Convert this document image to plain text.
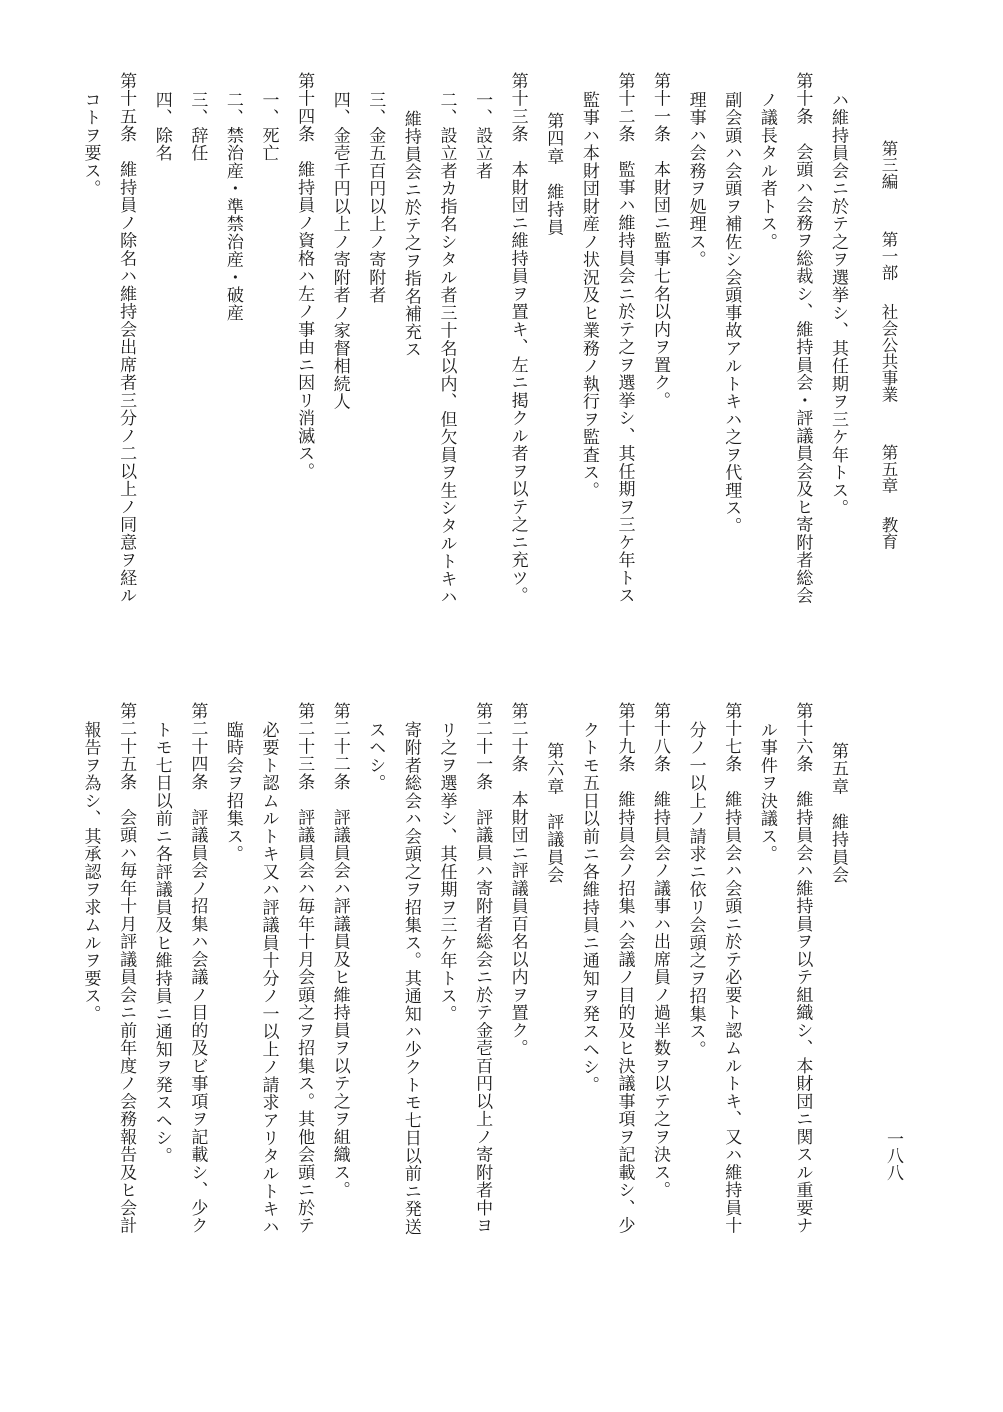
第三編 第一部 社会公共事業 第五章 教育
一八八
ハ維持員会ニ於テ之ヲ選挙シ、其任期ヲ三ケ年トス。
第十条　会頭ハ会務ヲ総裁シ、維持員会・評議員会及ヒ寄附者総会
ノ議長タル者トス。
副会頭ハ会頭ヲ補佐シ会頭事故アルトキハ之ヲ代理ス。
理事ハ会務ヲ処理ス。
第十一条　本財団ニ監事七名以内ヲ置ク。
第十二条　監事ハ維持員会ニ於テ之ヲ選挙シ、其任期ヲ三ケ年トス
監事ハ本財団財産ノ状況及ヒ業務ノ執行ヲ監査ス。
第四章　維持員
第十三条　本財団ニ維持員ヲ置キ、左ニ掲クル者ヲ以テ之ニ充ツ。
一、設立者
二、設立者カ指名シタル者三十名以内、但欠員ヲ生シタルトキハ
維持員会ニ於テ之ヲ指名補充ス
三、金五百円以上ノ寄附者
四、金壱千円以上ノ寄附者ノ家督相続人
第十四条　維持員ノ資格ハ左ノ事由ニ因リ消滅ス。
一、死亡
二、禁治産・準禁治産・破産
三、辞任
四、除名
第十五条　維持員ノ除名ハ維持会出席者三分ノ二以上ノ同意ヲ経ル
コトヲ要ス。
第五章　維持員会
第十六条　維持員会ハ維持員ヲ以テ組織シ、本財団ニ関スル重要ナ
ル事件ヲ決議ス。
第十七条　維持員会ハ会頭ニ於テ必要ト認ムルトキ、又ハ維持員十
分ノ一以上ノ請求ニ依リ会頭之ヲ招集ス。
第十八条　維持員会ノ議事ハ出席員ノ過半数ヲ以テ之ヲ決ス。
第十九条　維持員会ノ招集ハ会議ノ目的及ヒ決議事項ヲ記載シ、少
クトモ五日以前ニ各維持員ニ通知ヲ発スヘシ。
第六章　評議員会
第二十条　本財団ニ評議員百名以内ヲ置ク。
第二十一条　評議員ハ寄附者総会ニ於テ金壱百円以上ノ寄附者中ヨ
リ之ヲ選挙シ、其任期ヲ三ケ年トス。
寄附者総会ハ会頭之ヲ招集ス。其通知ハ少クトモ七日以前ニ発送
スヘシ。
第二十二条　評議員会ハ評議員及ヒ維持員ヲ以テ之ヲ組織ス。
第二十三条　評議員会ハ毎年十月会頭之ヲ招集ス。其他会頭ニ於テ
必要ト認ムルトキ又ハ評議員十分ノ一以上ノ請求アリタルトキハ
臨時会ヲ招集ス。
第二十四条　評議員会ノ招集ハ会議ノ目的及ビ事項ヲ記載シ、少ク
トモ七日以前ニ各評議員及ヒ維持員ニ通知ヲ発スヘシ。
第二十五条　会頭ハ毎年十月評議員会ニ前年度ノ会務報告及ヒ会計
報告ヲ為シ、其承認ヲ求ムルヲ要ス。
